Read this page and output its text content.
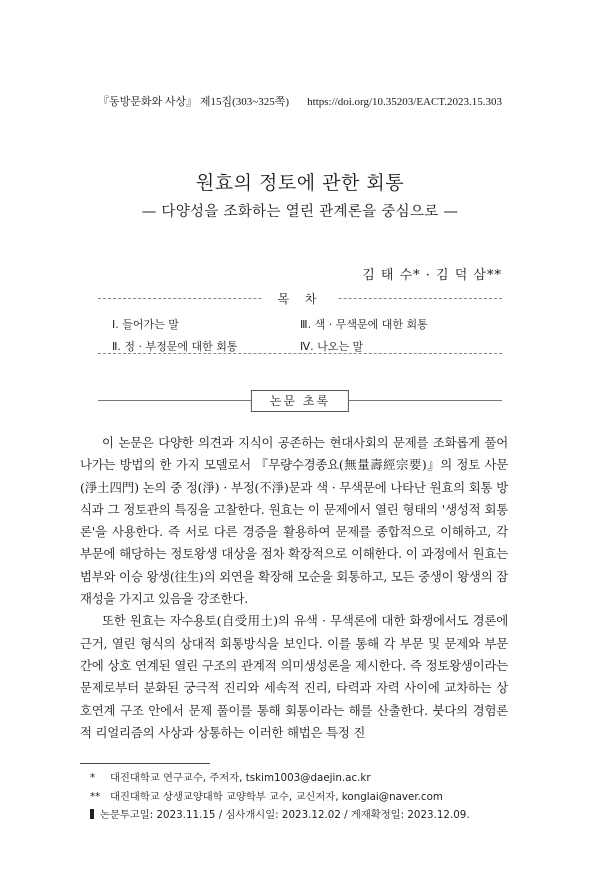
『동방문화와 사상』 제15집(303~325쪽) https://doi.org/10.35203/EACT.2023.15.303
원효의 정토에 관한 회통
— 다양성을 조화하는 열린 관계론을 중심으로 —
김 태 수* · 김 덕 삼**
목 차
Ⅰ. 들어가는 말	Ⅲ. 색 · 무색문에 대한 회통
Ⅱ. 정 · 부정문에 대한 회통	Ⅳ. 나오는 말
논문 초록

이 논문은 다양한 의견과 지식이 공존하는 현대사회의 문제를 조화롭게 풀어나가는 방법의 한 가지 모델로서 『무량수경종요(無量壽經宗要)』의 정토 사문(淨土四門) 논의 중 정(淨) · 부정(不淨)문과 색 · 무색문에 나타난 원효의 회통 방식과 그 정토관의 특징을 고찰한다. 원효는 이 문제에서 열린 형태의 '생성적 회통론'을 사용한다. 즉 서로 다른 경증을 활용하여 문제를 종합적으로 이해하고, 각 부문에 해당하는 정토왕생 대상을 점차 확장적으로 이해한다. 이 과정에서 원효는 범부와 이승 왕생(往生)의 외연을 확장해 모순을 회통하고, 모든 중생이 왕생의 잠재성을 가지고 있음을 강조한다.

또한 원효는 자수용토(自受用土)의 유색 · 무색론에 대한 화쟁에서도 경론에 근거, 열린 형식의 상대적 회통방식을 보인다. 이를 통해 각 부문 및 문제와 부문 간에 상호 연계된 열린 구조의 관계적 의미생성론을 제시한다. 즉 정토왕생이라는 문제로부터 분화된 궁극적 진리와 세속적 진리, 타력과 자력 사이에 교차하는 상호연계 구조 안에서 문제 풀이를 통해 회통이라는 해를 산출한다. 붓다의 경험론적 리얼리즘의 사상과 상통하는 이러한 해법은 특정 진

* 대진대학교 연구교수, 주저자, tskim1003@daejin.ac.kr
** 대진대학교 상생교양대학 교양학부 교수, 교신저자, konglai@naver.com
논문투고일: 2023.11.15 / 심사개시일: 2023.12.02 / 게재확정일: 2023.12.09.
